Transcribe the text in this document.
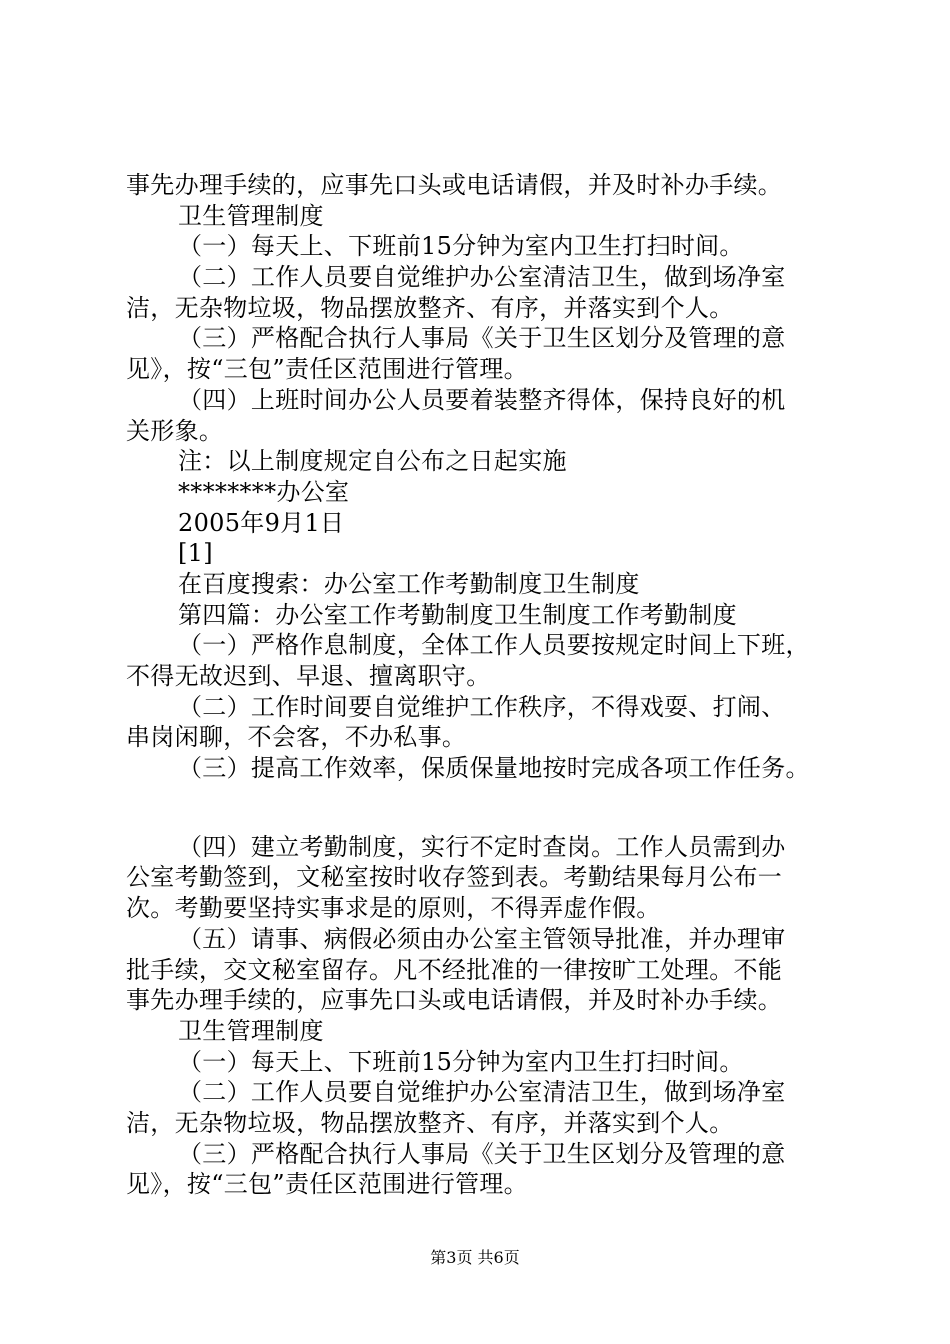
事先办理手续的，应事先口头或电话请假，并及时补办手续。
卫生管理制度
（一）每天上、下班前15分钟为室内卫生打扫时间。
（二）工作人员要自觉维护办公室清洁卫生，做到场净室
洁，无杂物垃圾，物品摆放整齐、有序，并落实到个人。
（三）严格配合执行人事局《关于卫生区划分及管理的意
见》，按“三包”责任区范围进行管理。
（四）上班时间办公人员要着装整齐得体，保持良好的机
关形象。
注：以上制度规定自公布之日起实施
********办公室
2005年9月1日
[1]
在百度搜索：办公室工作考勤制度卫生制度
第四篇：办公室工作考勤制度卫生制度工作考勤制度
（一）严格作息制度，全体工作人员要按规定时间上下班，
不得无故迟到、早退、擅离职守。
（二）工作时间要自觉维护工作秩序，不得戏耍、打闹、
串岗闲聊，不会客，不办私事。
（三）提高工作效率，保质保量地按时完成各项工作任务。
（四）建立考勤制度，实行不定时查岗。工作人员需到办
公室考勤签到，文秘室按时收存签到表。考勤结果每月公布一
次。考勤要坚持实事求是的原则，不得弄虚作假。
（五）请事、病假必须由办公室主管领导批准，并办理审
批手续，交文秘室留存。凡不经批准的一律按旷工处理。不能
事先办理手续的，应事先口头或电话请假，并及时补办手续。
卫生管理制度
（一）每天上、下班前15分钟为室内卫生打扫时间。
（二）工作人员要自觉维护办公室清洁卫生，做到场净室
洁，无杂物垃圾，物品摆放整齐、有序，并落实到个人。
（三）严格配合执行人事局《关于卫生区划分及管理的意
见》，按“三包”责任区范围进行管理。
第3页 共6页
